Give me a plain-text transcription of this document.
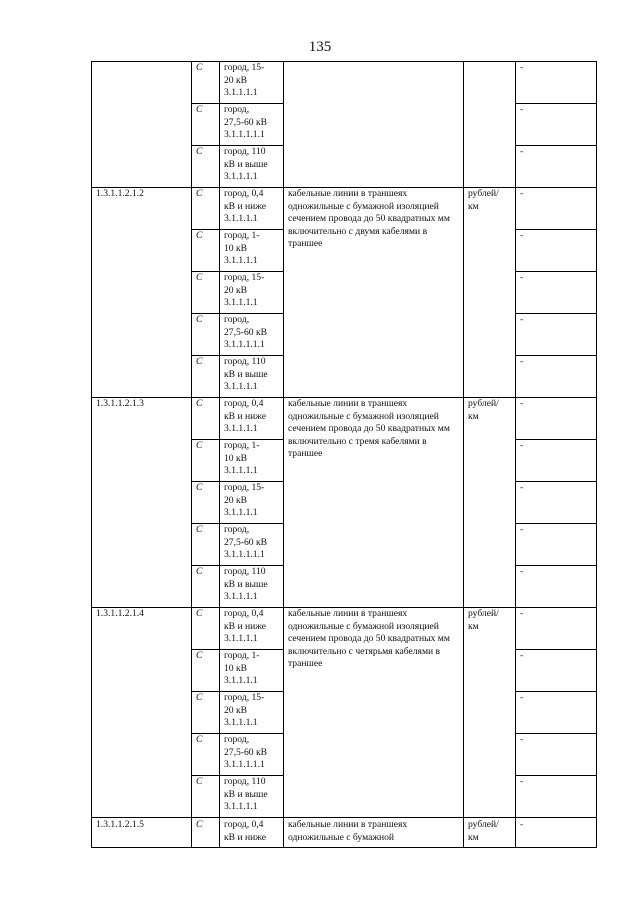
135
	С	город, 15-
20 кВ
3.1.1.1.1			-
	С	город,
27,5-60 кВ
3.1.1.1.1.1			-
	С	город, 110
кВ и выше
3.1.1.1.1			-
1.3.1.1.2.1.2	С	город, 0,4
кВ и ниже
3.1.1.1.1	кабельные линии в траншеях одножильные с бумажной изоляцией сечением провода до 50 квадратных мм включительно с двумя кабелями в траншее	рублей/
км	-
	С	город, 1-
10 кВ
3.1.1.1.1			-
	С	город, 15-
20 кВ
3.1.1.1.1			-
	С	город,
27,5-60 кВ
3.1.1.1.1.1			-
	С	город, 110
кВ и выше
3.1.1.1.1			-
1.3.1.1.2.1.3	С	город, 0,4
кВ и ниже
3.1.1.1.1	кабельные линии в траншеях одножильные с бумажной изоляцией сечением провода до 50 квадратных мм включительно с тремя кабелями в траншее	рублей/
км	-
	С	город, 1-
10 кВ
3.1.1.1.1			-
	С	город, 15-
20 кВ
3.1.1.1.1			-
	С	город,
27,5-60 кВ
3.1.1.1.1.1			-
	С	город, 110
кВ и выше
3.1.1.1.1			-
1.3.1.1.2.1.4	С	город, 0,4
кВ и ниже
3.1.1.1.1	кабельные линии в траншеях одножильные с бумажной изоляцией сечением провода до 50 квадратных мм включительно с четярьмя кабелями в траншее	рублей/
км	-
	С	город, 1-
10 кВ
3.1.1.1.1			-
	С	город, 15-
20 кВ
3.1.1.1.1			-
	С	город,
27,5-60 кВ
3.1.1.1.1.1			-
	С	город, 110
кВ и выше
3.1.1.1.1			-
1.3.1.1.2.1.5	С	город, 0,4
кВ и ниже	кабельные линии в траншеях одножильные с бумажной	рублей/
км	-
